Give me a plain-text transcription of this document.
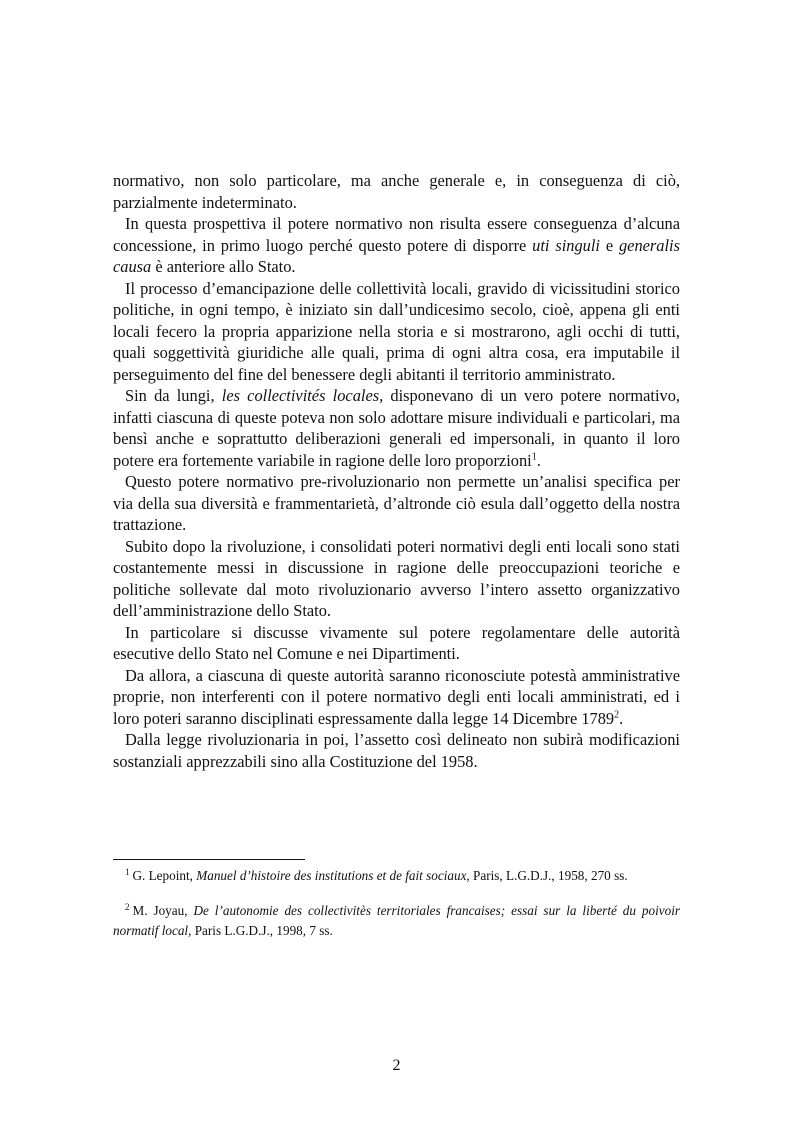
normativo, non solo particolare, ma anche generale e, in conseguenza di ciò, parzialmente indeterminato.

In questa prospettiva il potere normativo non risulta essere conseguenza d’alcuna concessione, in primo luogo perché questo potere di disporre uti singuli e generalis causa è anteriore allo Stato.

Il processo d’emancipazione delle collettività locali, gravido di vicissitudini storico politiche, in ogni tempo, è iniziato sin dall’undicesimo secolo, cioè, appena gli enti locali fecero la propria apparizione nella storia e si mostrarono, agli occhi di tutti, quali soggettività giuridiche alle quali, prima di ogni altra cosa, era imputabile il perseguimento del fine del benessere degli abitanti il territorio amministrato.

Sin da lungi, les collectivités locales, disponevano di un vero potere normativo, infatti ciascuna di queste poteva non solo adottare misure individuali e particolari, ma bensì anche e soprattutto deliberazioni generali ed impersonali, in quanto il loro potere era fortemente variabile in ragione delle loro proporzioni$^1$.

Questo potere normativo pre-rivoluzionario non permette un’analisi specifica per via della sua diversità e frammentarietà, d’altronde ciò esula dall’oggetto della nostra trattazione.

Subito dopo la rivoluzione, i consolidati poteri normativi degli enti locali sono stati costantemente messi in discussione in ragione delle preoccupazioni teoriche e politiche sollevate dal moto rivoluzionario avverso l’intero assetto organizzativo dell’amministrazione dello Stato.

In particolare si discusse vivamente sul potere regolamentare delle autorità esecutive dello Stato nel Comune e nei Dipartimenti.

Da allora, a ciascuna di queste autorità saranno riconosciute potestà amministrative proprie, non interferenti con il potere normativo degli enti locali amministrati, ed i loro poteri saranno disciplinati espressamente dalla legge 14 Dicembre 1789$^2$.

Dalla legge rivoluzionaria in poi, l’assetto così delineato non subirà modificazioni sostanziali apprezzabili sino alla Costituzione del 1958.

$^1$ G. Lepoint, Manuel d’histoire des institutions et de fait sociaux, Paris, L.G.D.J., 1958, 270 ss.

$^2$ M. Joyau, De l’autonomie des collectivitès territoriales francaises; essai sur la liberté du poivoir normatif local, Paris L.G.D.J., 1998, 7 ss.

2
